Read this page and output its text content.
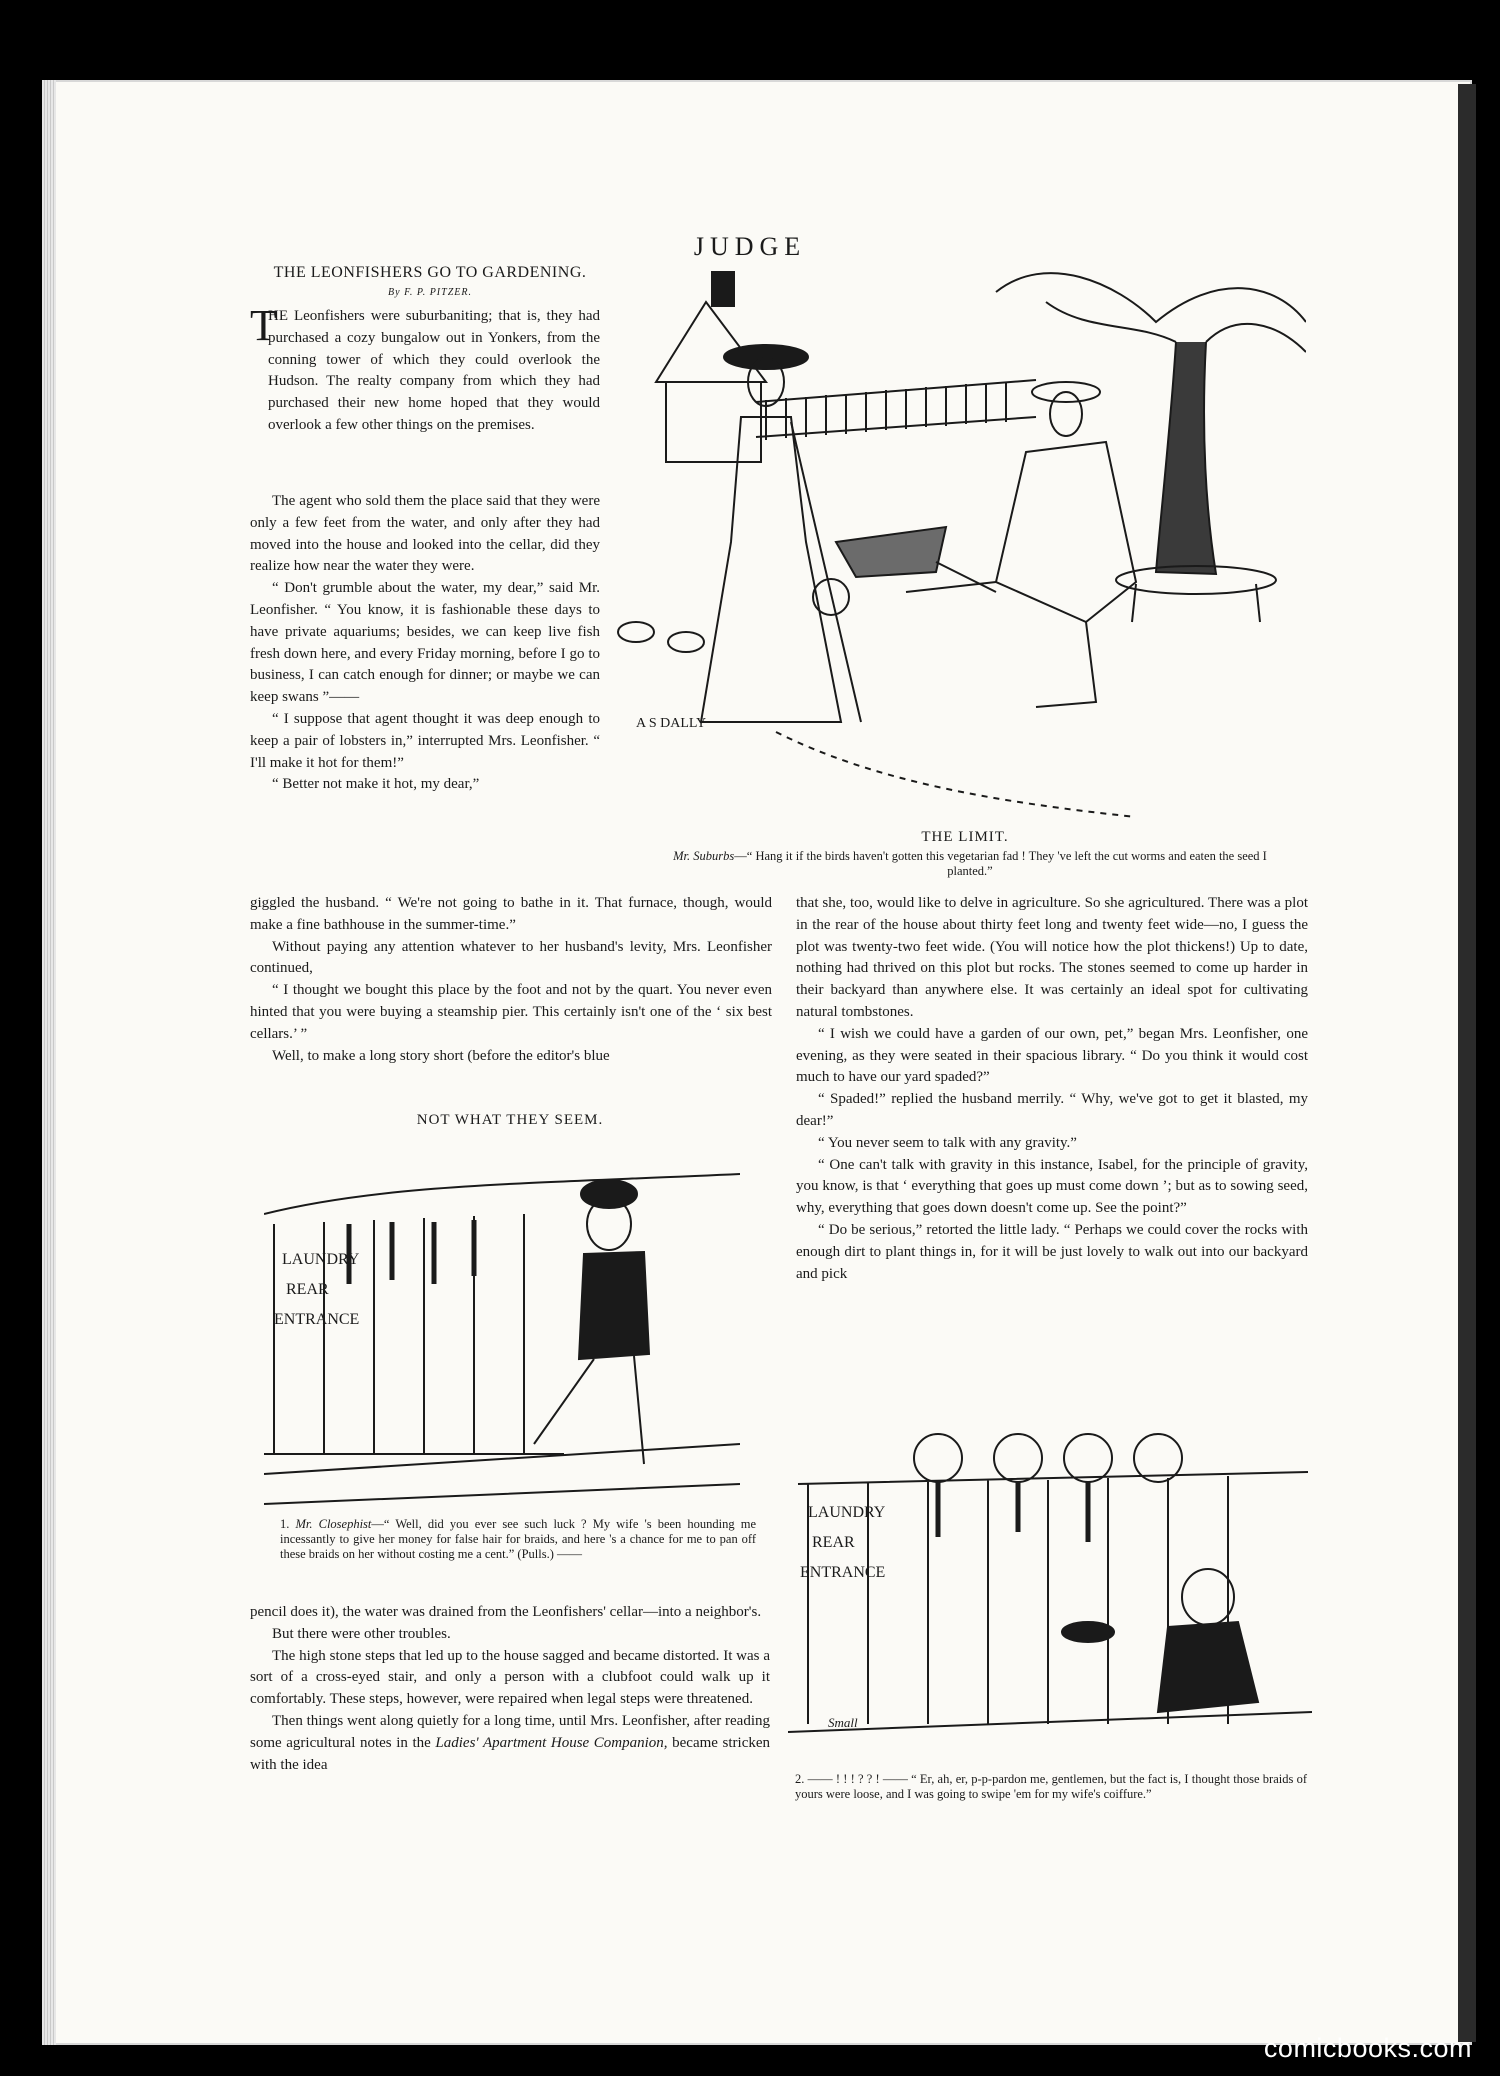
JUDGE
THE LEONFISHERS GO TO GARDENING.
By F. P. PITZER.
T

HE Leonfishers were suburbaniting; that is, they had purchased a cozy bungalow out in Yonkers, from the conning tower of which they could overlook the Hudson. The realty company from which they had purchased their new home hoped that they would overlook a few other things on the premises.

The agent who sold them the place said that they were only a few feet from the water, and only after they had moved into the house and looked into the cellar, did they realize how near the water they were.

“ Don't grumble about the water, my dear,” said Mr. Leonfisher. “ You know, it is fashionable these days to have private aquariums; besides, we can keep live fish fresh down here, and every Friday morning, before I go to business, I can catch enough for dinner; or maybe we can keep swans ”——

“ I suppose that agent thought it was deep enough to keep a pair of lobsters in,” interrupted Mrs. Leonfisher. “ I'll make it hot for them!”

“ Better not make it hot, my dear,”

A S DALLY
THE LIMIT.
Mr. Suburbs—“ Hang it if the birds haven't gotten this vegetarian fad ! They 've left the cut worms and eaten the seed I planted.”

giggled the husband. “ We're not going to bathe in it. That furnace, though, would make a fine bathhouse in the summer-time.”

Without paying any attention whatever to her husband's levity, Mrs. Leonfisher continued,

“ I thought we bought this place by the foot and not by the quart. You never even hinted that you were buying a steamship pier. This certainly isn't one of the ‘ six best cellars.’ ”

Well, to make a long story short (before the editor's blue

NOT WHAT THEY SEEM.
LAUNDRY
REAR
ENTRANCE
1. Mr. Closephist—“ Well, did you ever see such luck ? My wife 's been hounding me incessantly to give her money for false hair for braids, and here 's a chance for me to pan off these braids on her without costing me a cent.” (Pulls.) ——

pencil does it), the water was drained from the Leonfishers' cellar—into a neighbor's.

But there were other troubles.

The high stone steps that led up to the house sagged and became distorted. It was a sort of a cross-eyed stair, and only a person with a clubfoot could walk up it comfortably. These steps, however, were repaired when legal steps were threatened.

Then things went along quietly for a long time, until Mrs. Leonfisher, after reading some agricultural notes in the Ladies' Apartment House Companion, became stricken with the idea

that she, too, would like to delve in agriculture. So she agricultured. There was a plot in the rear of the house about thirty feet long and twenty feet wide—no, I guess the plot was twenty-two feet wide. (You will notice how the plot thickens!) Up to date, nothing had thrived on this plot but rocks. The stones seemed to come up harder in their backyard than anywhere else. It was certainly an ideal spot for cultivating natural tombstones.

“ I wish we could have a garden of our own, pet,” began Mrs. Leonfisher, one evening, as they were seated in their spacious library. “ Do you think it would cost much to have our yard spaded?”

“ Spaded!” replied the husband merrily. “ Why, we've got to get it blasted, my dear!”

“ You never seem to talk with any gravity.”

“ One can't talk with gravity in this instance, Isabel, for the principle of gravity, you know, is that ‘ everything that goes up must come down ’; but as to sowing seed, why, everything that goes down doesn't come up. See the point?”

“ Do be serious,” retorted the little lady. “ Perhaps we could cover the rocks with enough dirt to plant things in, for it will be just lovely to walk out into our backyard and pick

LAUNDRY
REAR
ENTRANCE
Small
2. —— ! ! ! ? ? ! —— “ Er, ah, er, p-p-pardon me, gentlemen, but the fact is, I thought those braids of yours were loose, and I was going to swipe 'em for my wife's coiffure.”
comicbooks.com
